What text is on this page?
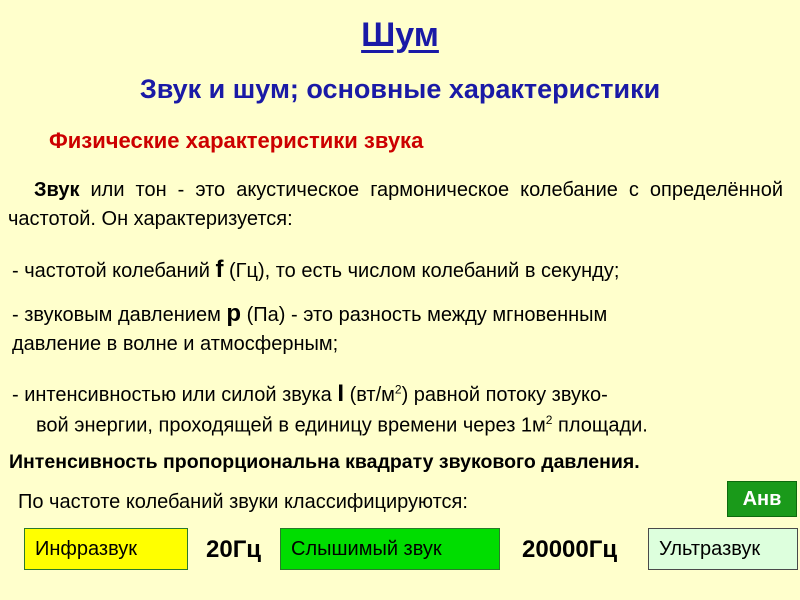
Шум
Звук и шум; основные характеристики
Физические характеристики звука
Звук или тон - это акустическое гармоническое колебание с определённой частотой. Он характеризуется:
- частотой колебаний f (Гц), то есть числом колебаний в секунду;
- звуковым давлением p (Па) - это разность между мгновенным
давление в волне и атмосферным;
- интенсивностью или силой звука I $(вт/м^2)$ равной потоку звуко-
вой энергии, проходящей в единицу времени через $1м^2$ площади.
Интенсивность пропорциональна квадрату звукового давления.
По частоте колебаний звуки классифицируются:	Анв
Инфразвук	20Гц Слышимый звук	20000Гц Ультразвук
